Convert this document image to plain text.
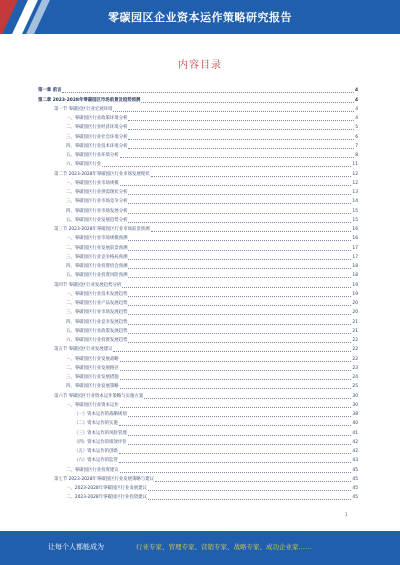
零碳园区企业资本运作策略研究报告
内容目录
第一章 前言	4
第二章 2023-2028年零碳园区市场前景及趋势预测	4
第一节 零碳园区行业宏观环境	4
一、零碳园区行业政策环境分析	4
二、零碳园区行业经济环境分析	5
三、零碳园区行业社会环境分析	6
四、零碳园区行业技术环境分析	7
五、零碳园区行业环境分析	8
六、零碳园区行业	11
第二节 2023-2028年零碳园区行业市场发展现状	12
一、零碳园区行业市场规模	12
二、零碳园区行业供需现状分析	13
三、零碳园区行业市场竞争分析	14
四、零碳园区行业市场发展分析	15
五、零碳园区行业发展趋势分析	15
第三节 2023-2028年零碳园区行业市场前景预测	16
一、零碳园区行业市场规模预测	16
二、零碳园区行业发展前景预测	17
三、零碳园区行业竞争格局预测	17
四、零碳园区行业投资机会预测	18
五、零碳园区行业投资风险预测	18
第四节 零碳园区行业发展趋势分析	19
一、零碳园区行业技术发展趋势	19
二、零碳园区行业产品发展趋势	20
三、零碳园区行业市场发展趋势	20
四、零碳园区行业竞争发展趋势	21
五、零碳园区行业政策发展趋势	21
六、零碳园区行业投资发展趋势	22
第五节 零碳园区行业发展建议	22
一、零碳园区行业发展战略	22
二、零碳园区行业发展路径	23
三、零碳园区行业发展措施	24
四、零碳园区行业发展策略	25
第六节 零碳园区行业资本运作策略与实施方案	30
一、零碳园区行业资本运作	30
（一）资本运作的战略规划	38
（二）资本运作的实施	40
（三）资本运作的风险管理	41
（四）资本运作的绩效评价	42
（五）资本运作的创新	42
（六）资本运作的监管	43
二、零碳园区行业投资建议	45
第七节 2023-2028年零碳园区行业发展策略与建议	45
一、2023-2028年零碳园区行业发展建议	45
二、2023-2028年零碳园区行业投资建议	45
1
让每个人都能成为	行业专家、管理专家、营销专家、战略专家、成功企业家……
